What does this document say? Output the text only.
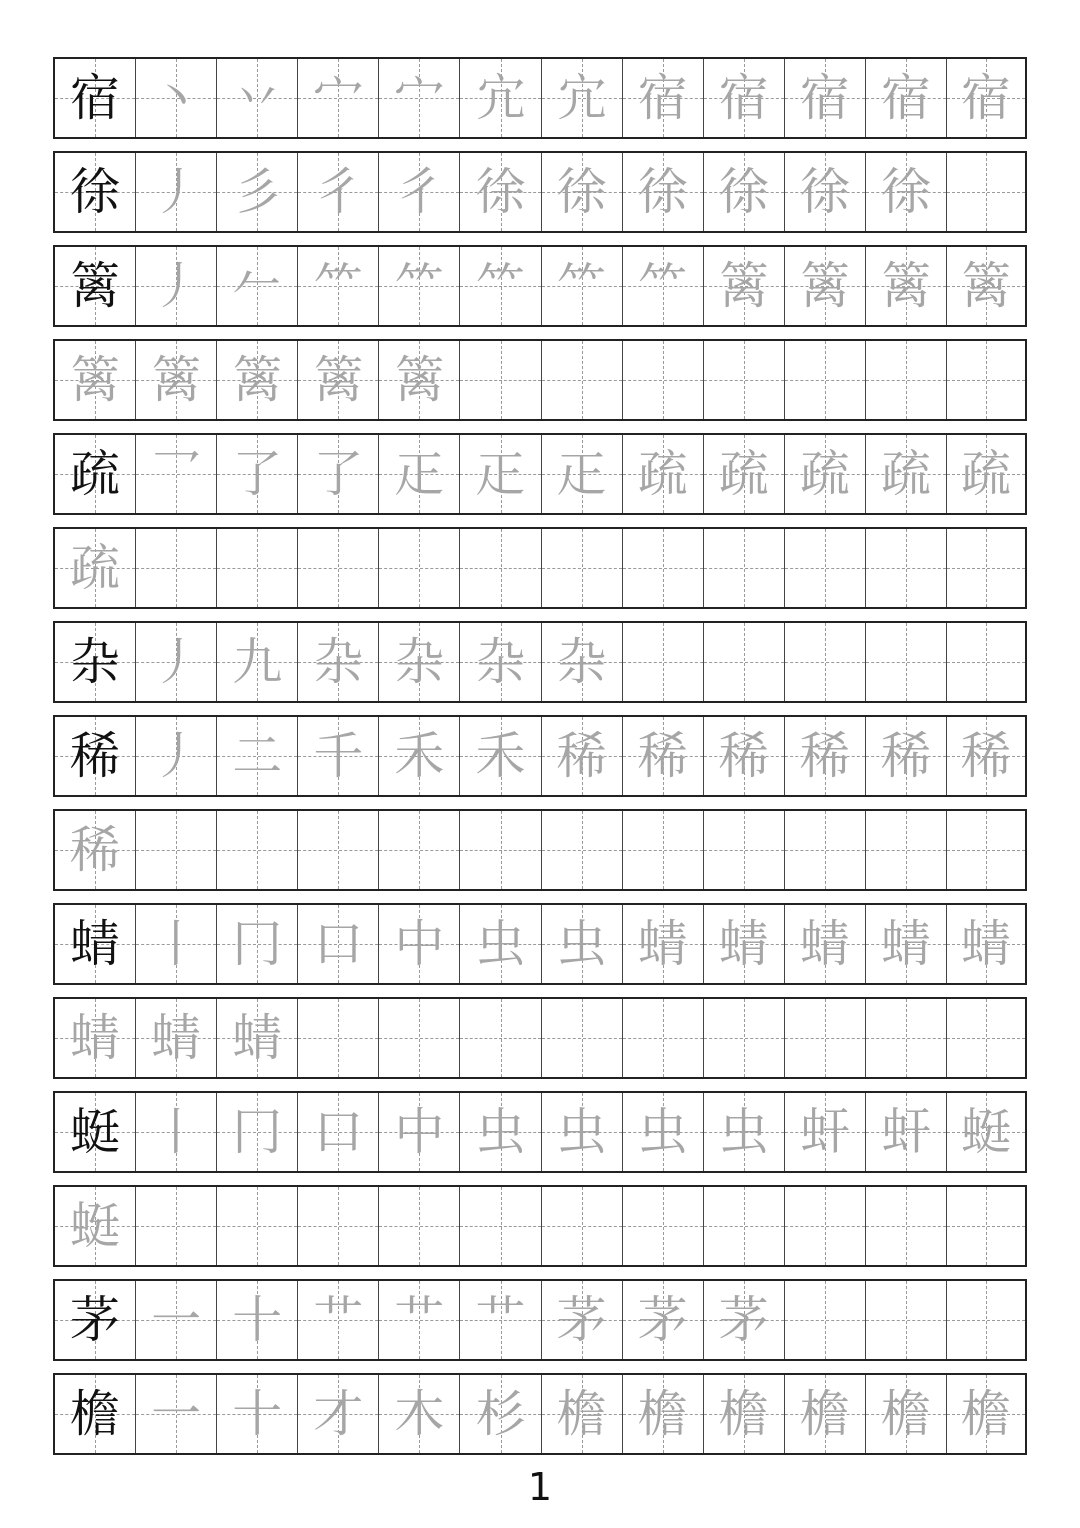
宿 丶 丷 宀 宀 宂 宂 宿 宿 宿 宿 宿
徐 丿 彡 彳 彳 徐 徐 徐 徐 徐 徐
篱 丿 𠂉 ⺮ ⺮ ⺮ ⺮ ⺮ 篱 篱 篱 篱
篱 篱 篱 篱 篱
疏 乛 了 了 𤴓 𤴓 𤴓 疏 疏 疏 疏 疏
疏
杂 丿 九 杂 杂 杂 杂
稀 丿 二 千 禾 禾 稀 稀 稀 稀 稀 稀
稀
蜻 丨 冂 口 中 虫 虫 蜻 蜻 蜻 蜻 蜻
蜻 蜻 蜻
蜓 丨 冂 口 中 虫 虫 虫 虫 虷 虷 蜓
蜓
茅 一 十 艹 艹 艹 茅 茅 茅
檐 一 十 才 木 杉 檐 檐 檐 檐 檐 檐
1
